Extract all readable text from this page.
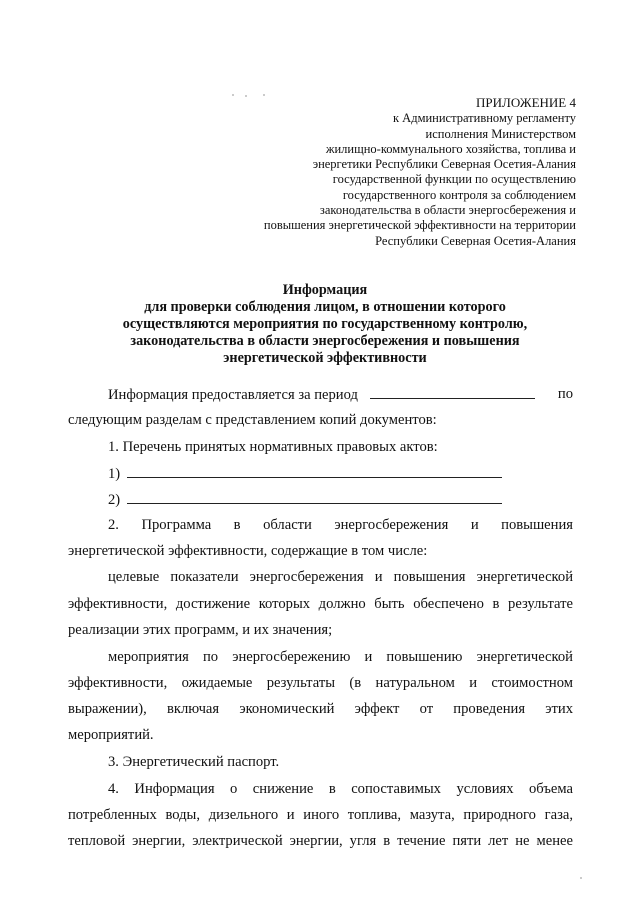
ПРИЛОЖЕНИЕ 4
к Административному регламенту
исполнения Министерством
жилищно-коммунального хозяйства, топлива и
энергетики Республики Северная Осетия-Алания
государственной функции по осуществлению
государственного контроля за соблюдением
законодательства в области энергосбережения и
повышения энергетической эффективности на территории
Республики Северная Осетия-Алания
Информация
для проверки соблюдения лицом, в отношении которого
осуществляются мероприятия по государственному контролю,
законодательства в области энергосбережения и повышения
энергетической эффективности
Информация предоставляется за период	по
следующим разделам с представлением копий документов:
1. Перечень принятых нормативных правовых актов:
1)
2)
2. Программа в области энергосбережения и повышения
энергетической эффективности, содержащие в том числе:
целевые показатели энергосбережения и повышения энергетической
эффективности, достижение которых должно быть обеспечено в результате
реализации этих программ, и их значения;
мероприятия по энергосбережению и повышению энергетической
эффективности, ожидаемые результаты (в натуральном и стоимостном
выражении), включая экономический эффект от проведения этих
мероприятий.
3. Энергетический паспорт.
4. Информация о снижение в сопоставимых условиях объема
потребленных воды, дизельного и иного топлива, мазута, природного газа,
тепловой энергии, электрической энергии, угля в течение пяти лет не менее
